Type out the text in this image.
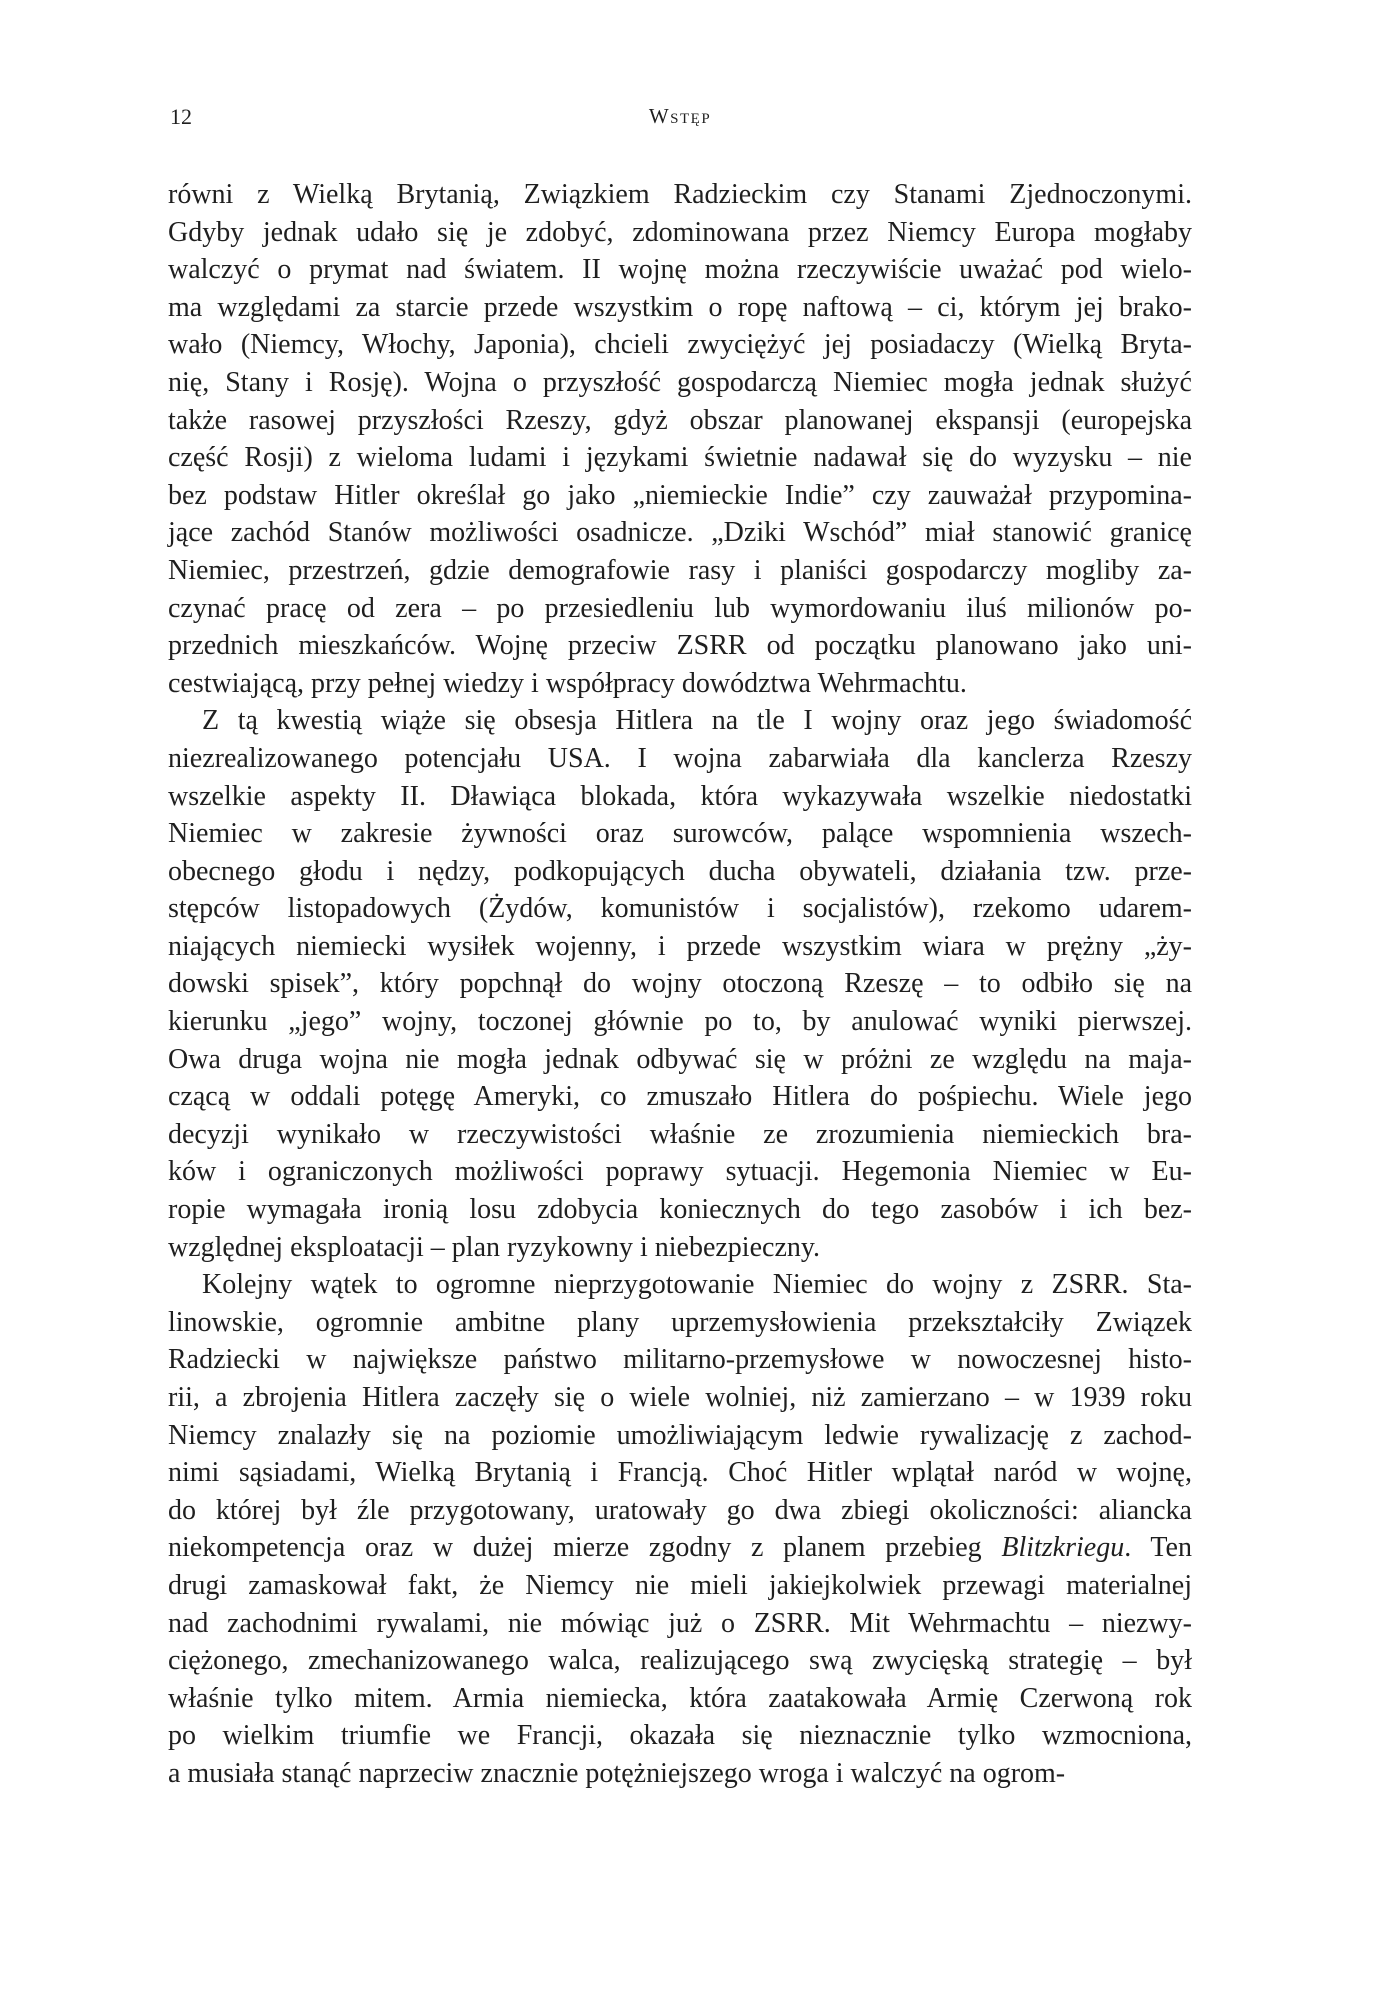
12	Wstęp
równi z Wielką Brytanią, Związkiem Radzieckim czy Stanami Zjednoczonymi.
Gdyby jednak udało się je zdobyć, zdominowana przez Niemcy Europa mogłaby
walczyć o prymat nad światem. II wojnę można rzeczywiście uważać pod wielo-
ma względami za starcie przede wszystkim o ropę naftową – ci, którym jej brako-
wało (Niemcy, Włochy, Japonia), chcieli zwyciężyć jej posiadaczy (Wielką Bryta-
nię, Stany i Rosję). Wojna o przyszłość gospodarczą Niemiec mogła jednak służyć
także rasowej przyszłości Rzeszy, gdyż obszar planowanej ekspansji (europejska
część Rosji) z wieloma ludami i językami świetnie nadawał się do wyzysku – nie
bez podstaw Hitler określał go jako „niemieckie Indie” czy zauważał przypomina-
jące zachód Stanów możliwości osadnicze. „Dziki Wschód” miał stanowić granicę
Niemiec, przestrzeń, gdzie demografowie rasy i planiści gospodarczy mogliby za-
czynać pracę od zera – po przesiedleniu lub wymordowaniu iluś milionów po-
przednich mieszkańców. Wojnę przeciw ZSRR od początku planowano jako uni-
cestwiającą, przy pełnej wiedzy i współpracy dowództwa Wehrmachtu.
Z tą kwestią wiąże się obsesja Hitlera na tle I wojny oraz jego świadomość
niezrealizowanego potencjału USA. I wojna zabarwiała dla kanclerza Rzeszy
wszelkie aspekty II. Dławiąca blokada, która wykazywała wszelkie niedostatki
Niemiec w zakresie żywności oraz surowców, palące wspomnienia wszech-
obecnego głodu i nędzy, podkopujących ducha obywateli, działania tzw. prze-
stępców listopadowych (Żydów, komunistów i socjalistów), rzekomo udarem-
niających niemiecki wysiłek wojenny, i przede wszystkim wiara w prężny „ży-
dowski spisek”, który popchnął do wojny otoczoną Rzeszę – to odbiło się na
kierunku „jego” wojny, toczonej głównie po to, by anulować wyniki pierwszej.
Owa druga wojna nie mogła jednak odbywać się w próżni ze względu na maja-
czącą w oddali potęgę Ameryki, co zmuszało Hitlera do pośpiechu. Wiele jego
decyzji wynikało w rzeczywistości właśnie ze zrozumienia niemieckich bra-
ków i ograniczonych możliwości poprawy sytuacji. Hegemonia Niemiec w Eu-
ropie wymagała ironią losu zdobycia koniecznych do tego zasobów i ich bez-
względnej eksploatacji – plan ryzykowny i niebezpieczny.
Kolejny wątek to ogromne nieprzygotowanie Niemiec do wojny z ZSRR. Sta-
linowskie, ogromnie ambitne plany uprzemysłowienia przekształciły Związek
Radziecki w największe państwo militarno-przemysłowe w nowoczesnej histo-
rii, a zbrojenia Hitlera zaczęły się o wiele wolniej, niż zamierzano – w 1939 roku
Niemcy znalazły się na poziomie umożliwiającym ledwie rywalizację z zachod-
nimi sąsiadami, Wielką Brytanią i Francją. Choć Hitler wplątał naród w wojnę,
do której był źle przygotowany, uratowały go dwa zbiegi okoliczności: aliancka
niekompetencja oraz w dużej mierze zgodny z planem przebieg Blitzkriegu. Ten
drugi zamaskował fakt, że Niemcy nie mieli jakiejkolwiek przewagi materialnej
nad zachodnimi rywalami, nie mówiąc już o ZSRR. Mit Wehrmachtu – niezwy-
ciężonego, zmechanizowanego walca, realizującego swą zwycięską strategię – był
właśnie tylko mitem. Armia niemiecka, która zaatakowała Armię Czerwoną rok
po wielkim triumfie we Francji, okazała się nieznacznie tylko wzmocniona,
a musiała stanąć naprzeciw znacznie potężniejszego wroga i walczyć na ogrom-
